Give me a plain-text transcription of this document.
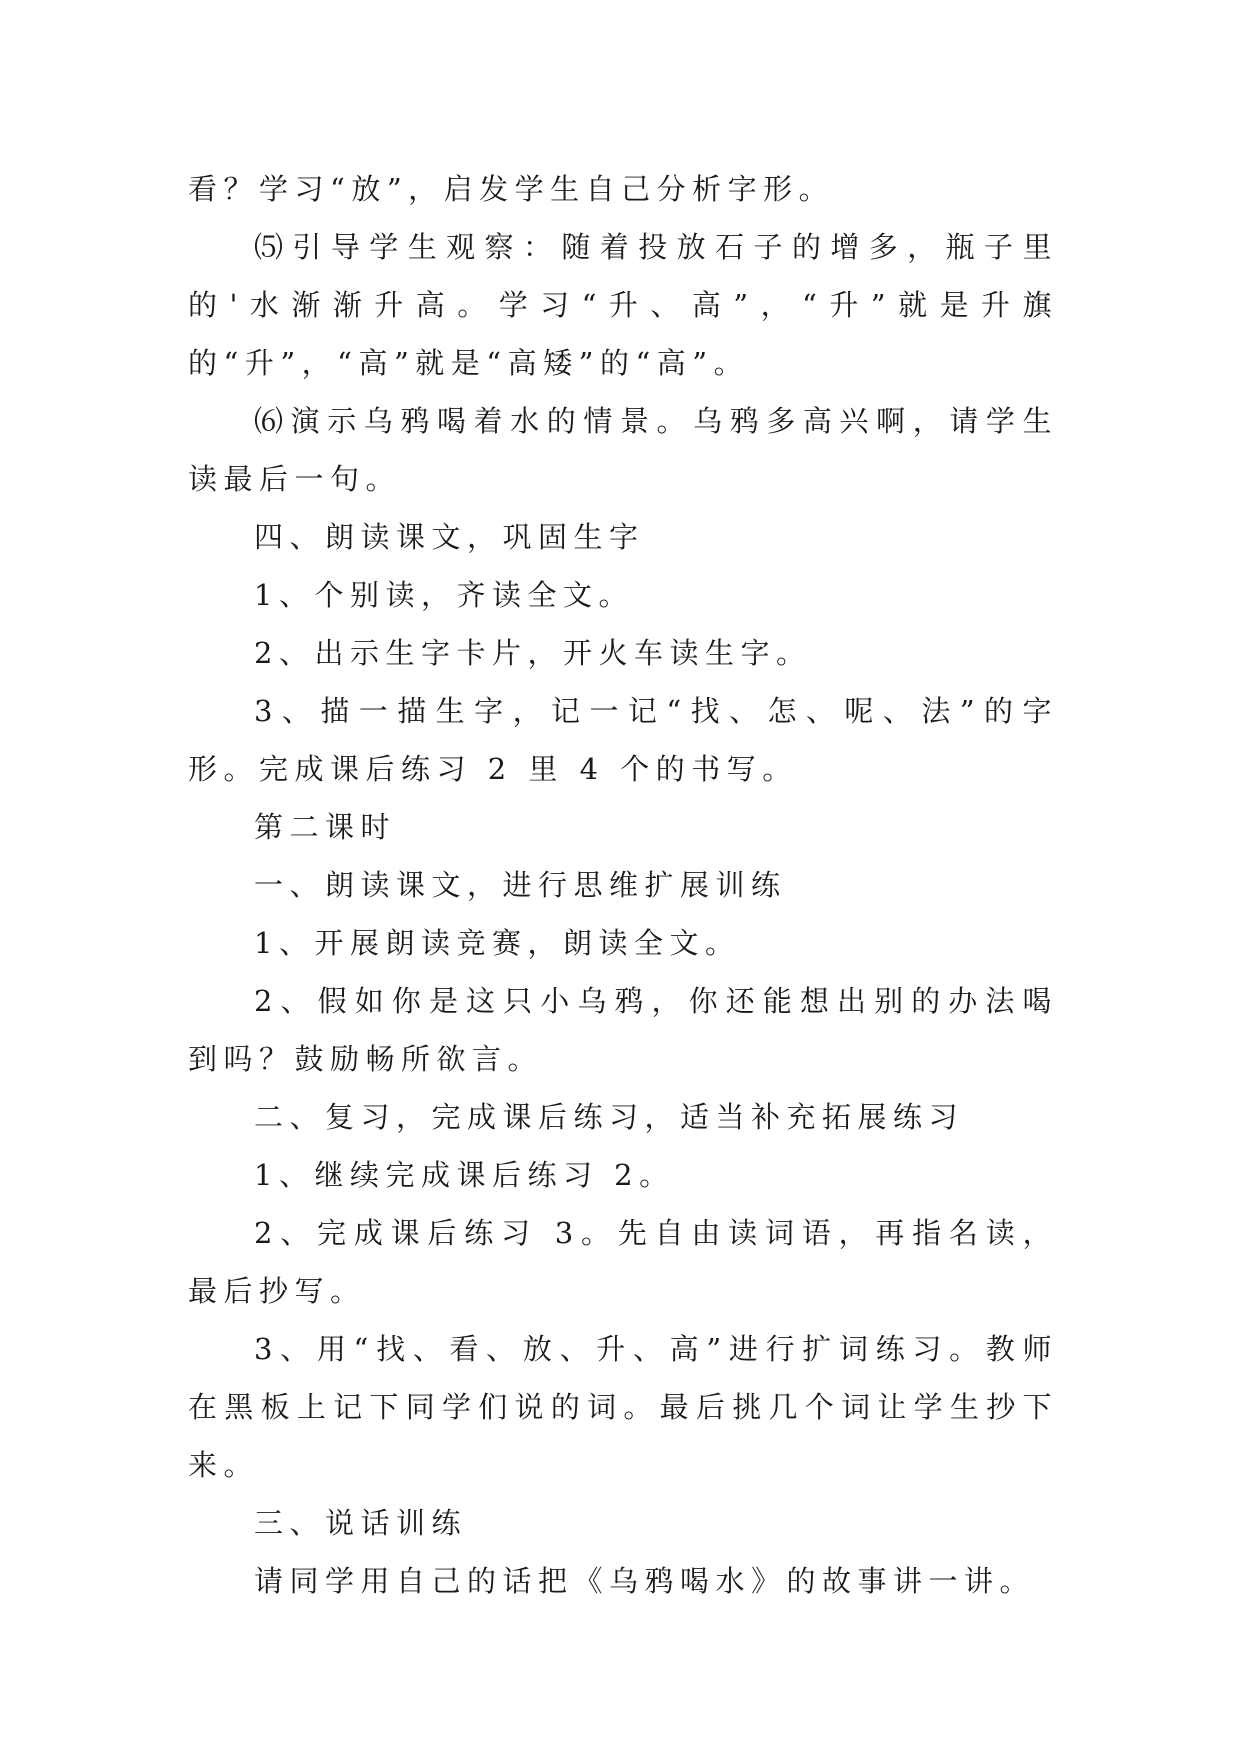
看？学习“放”，启发学生自己分析字形。

⑸引导学生观察：随着投放石子的增多，瓶子里的'水渐渐升高。学习“升、高”，“升”就是升旗的“升”，“高”就是“高矮”的“高”。

⑹演示乌鸦喝着水的情景。乌鸦多高兴啊，请学生读最后一句。

四、朗读课文，巩固生字

1、个别读，齐读全文。

2、出示生字卡片，开火车读生字。

3、描一描生字，记一记“找、怎、呢、法”的字形。完成课后练习 2 里 4 个的书写。

第二课时

一、朗读课文，进行思维扩展训练

1、开展朗读竞赛，朗读全文。

2、假如你是这只小乌鸦，你还能想出别的办法喝到吗？鼓励畅所欲言。

二、复习，完成课后练习，适当补充拓展练习

1、继续完成课后练习 2。

2、完成课后练习 3。先自由读词语，再指名读，最后抄写。

3、用“找、看、放、升、高”进行扩词练习。教师在黑板上记下同学们说的词。最后挑几个词让学生抄下来。

三、说话训练

请同学用自己的话把《乌鸦喝水》的故事讲一讲。
